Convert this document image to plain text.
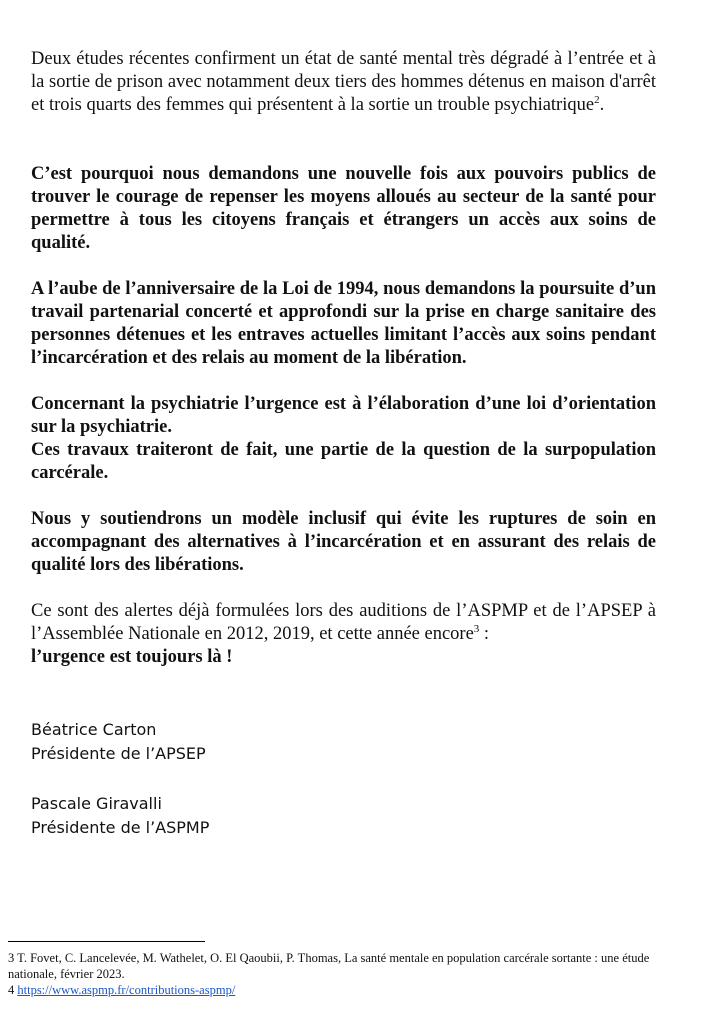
Deux études récentes confirment un état de santé mental très dégradé à l’entrée et à la sortie de prison avec notamment deux tiers des hommes détenus en maison d'arrêt et trois quarts des femmes qui présentent à la sortie un trouble psychiatrique$^2$.

C’est pourquoi nous demandons une nouvelle fois aux pouvoirs publics de trouver le courage de repenser les moyens alloués au secteur de la santé pour permettre à tous les citoyens français et étrangers un accès aux soins de qualité.

A l’aube de l’anniversaire de la Loi de 1994, nous demandons la poursuite d’un travail partenarial concerté et approfondi sur la prise en charge sanitaire des personnes détenues et les entraves actuelles limitant l’accès aux soins pendant l’incarcération et des relais au moment de la libération.

Concernant la psychiatrie l’urgence est à l’élaboration d’une loi d’orientation sur la psychiatrie.
Ces travaux traiteront de fait, une partie de la question de la surpopulation carcérale.

Nous y soutiendrons un modèle inclusif qui évite les ruptures de soin en accompagnant des alternatives à l’incarcération et en assurant des relais de qualité lors des libérations.

Ce sont des alertes déjà formulées lors des auditions de l’ASPMP et de l’APSEP à l’Assemblée Nationale en 2012, 2019, et cette année encore$^3$ :
l’urgence est toujours là !

Béatrice Carton
Présidente de l’APSEP
Pascale Giravalli
Présidente de l’ASPMP

3 T. Fovet, C. Lancelevée, M. Wathelet, O. El Qaoubii, P. Thomas, La santé mentale en population carcérale sortante : une étude nationale, février 2023.

4 https://www.aspmp.fr/contributions-aspmp/
